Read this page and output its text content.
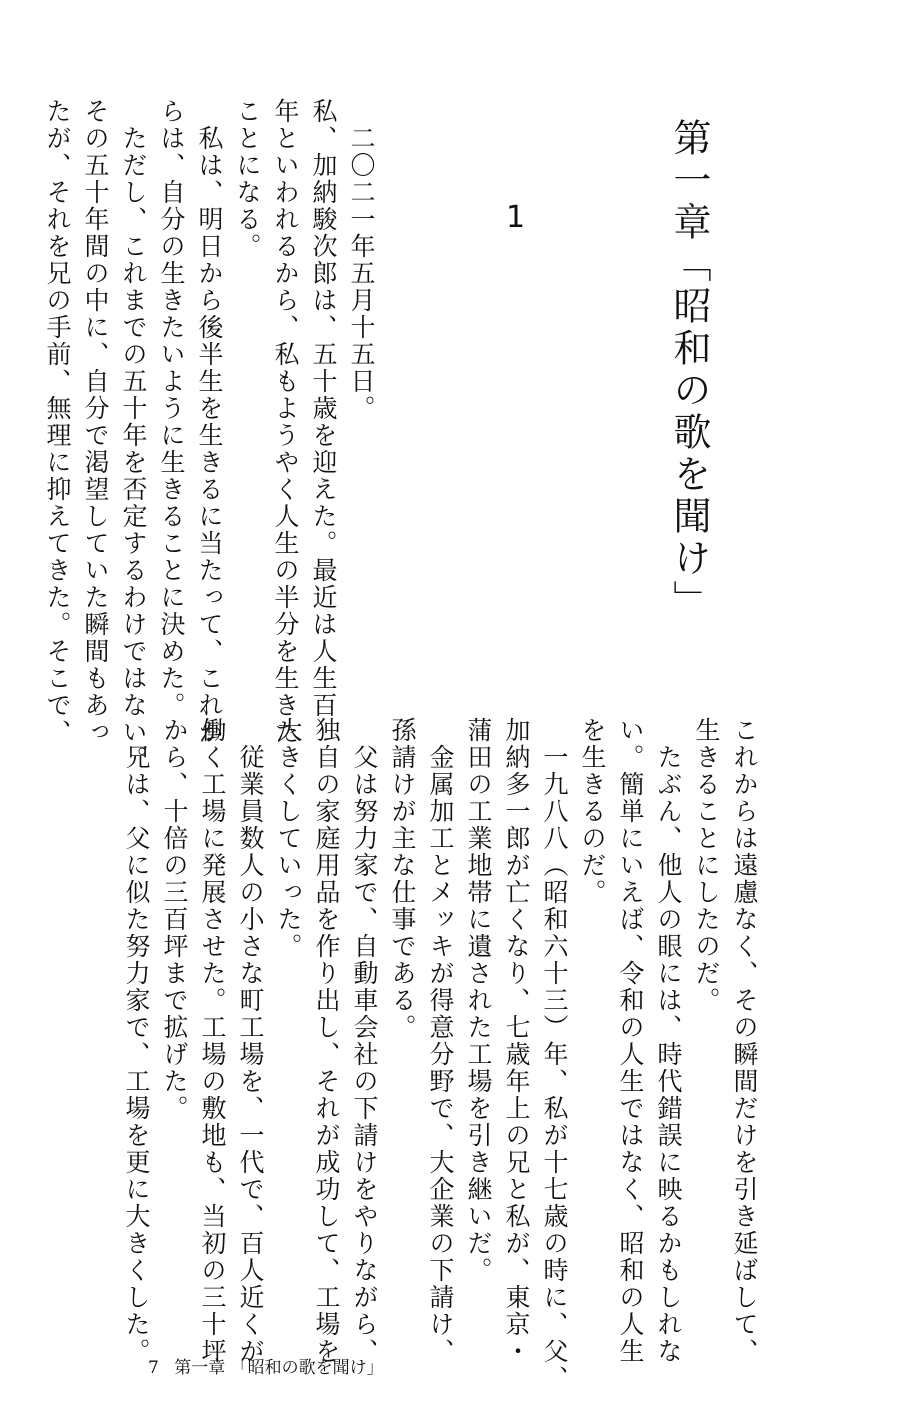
第一章「昭和の歌を聞け」
1
　二〇二一年五月十五日。
私、加納駿次郎は、五十歳を迎えた。最近は人生百
年といわれるから、私もようやく人生の半分を生きた
ことになる。
　私は、明日から後半生を生きるに当たって、これか
らは、自分の生きたいように生きることに決めた。
　ただし、これまでの五十年を否定するわけではない。
その五十年間の中に、自分で渇望していた瞬間もあっ
たが、それを兄の手前、無理に抑えてきた。そこで、
これからは遠慮なく、その瞬間だけを引き延ばして、
生きることにしたのだ。
　たぶん、他人の眼には、時代錯誤に映るかもしれな
い。簡単にいえば、令和の人生ではなく、昭和の人生
を生きるのだ。
　一九八八（昭和六十三）年、私が十七歳の時に、父、
加納多一郎が亡くなり、七歳年上の兄と私が、東京・
蒲田の工業地帯に遺された工場を引き継いだ。
　金属加工とメッキが得意分野で、大企業の下請け、
孫請けが主な仕事である。
　父は努力家で、自動車会社の下請けをやりながら、
独自の家庭用品を作り出し、それが成功して、工場を
大きくしていった。
　従業員数人の小さな町工場を、一代で、百人近くが
働く工場に発展させた。工場の敷地も、当初の三十坪
から、十倍の三百坪まで拡げた。
　兄は、父に似た努力家で、工場を更に大きくした。
7 第一章 「昭和の歌を聞け」
